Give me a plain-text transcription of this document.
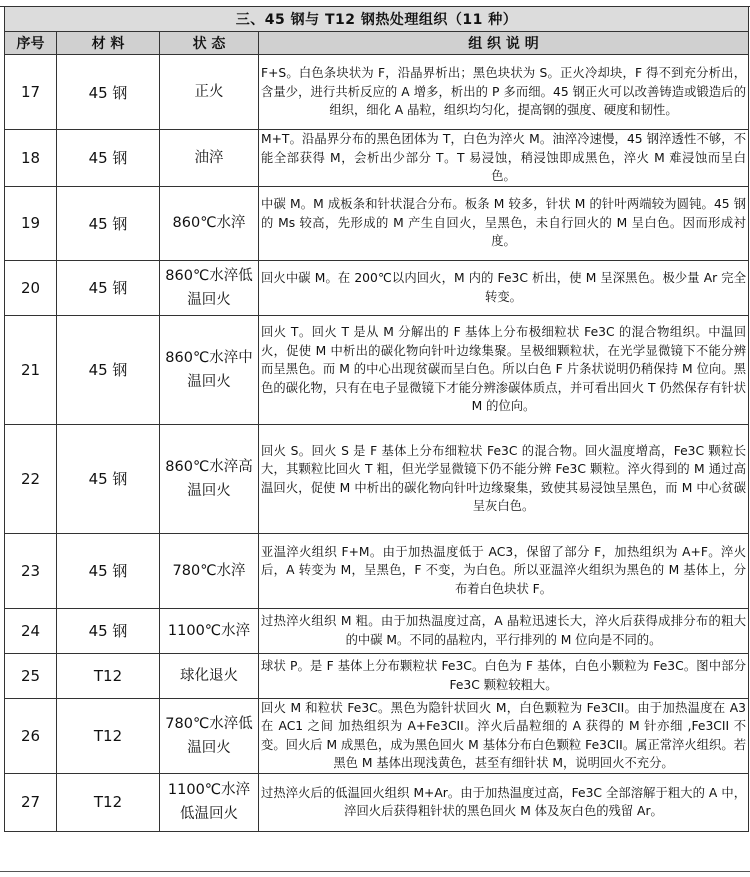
三、45 钢与 T12 钢热处理组织（11 种）			
序号	材 料	状 态	组 织 说 明
17	45 钢	正火	F+S。白色条块状为 F，沿晶界析出；黑色块状为 S。正火冷却块，F 得不到充分析出，含量少，进行共析反应的 A 增多，析出的 P 多而细。45 钢正火可以改善铸造或锻造后的组织，细化 A 晶粒，组织均匀化，提高钢的强度、硬度和韧性。
18	45 钢	油淬	M+T。沿晶界分布的黑色团体为 T，白色为淬火 M。油淬冷速慢，45 钢淬透性不够，不能全部获得 M，会析出少部分 T。T 易浸蚀，稍浸蚀即成黑色，淬火 M 难浸蚀而呈白色。
19	45 钢	860℃水淬	中碳 M。M 成板条和针状混合分布。板条 M 较多，针状 M 的针叶两端较为圆钝。45 钢的 Ms 较高，先形成的 M 产生自回火，呈黑色，未自行回火的 M 呈白色。因而形成衬度。
20	45 钢	860℃水淬低温回火	回火中碳 M。在 200℃以内回火，M 内的 Fe3C 析出，使 M 呈深黑色。极少量 Ar 完全转变。
21	45 钢	860℃水淬中温回火	回火 T。回火 T 是从 M 分解出的 F 基体上分布极细粒状 Fe3C 的混合物组织。中温回火，促使 M 中析出的碳化物向针叶边缘集聚。呈极细颗粒状，在光学显微镜下不能分辨而呈黑色。而 M 的中心出现贫碳而呈白色。所以白色 F 片条状说明仍稍保持 M 位向。黑色的碳化物，只有在电子显微镜下才能分辨渗碳体质点，并可看出回火 T 仍然保存有针状 M 的位向。
22	45 钢	860℃水淬高温回火	回火 S。回火 S 是 F 基体上分布细粒状 Fe3C 的混合物。回火温度增高，Fe3C 颗粒长大，其颗粒比回火 T 粗，但光学显微镜下仍不能分辨 Fe3C 颗粒。淬火得到的 M 通过高温回火，促使 M 中析出的碳化物向针叶边缘聚集，致使其易浸蚀呈黑色，而 M 中心贫碳呈灰白色。
23	45 钢	780℃水淬	亚温淬火组织 F+M。由于加热温度低于 AC3，保留了部分 F，加热组织为 A+F。淬火后，A 转变为 M，呈黑色，F 不变，为白色。所以亚温淬火组织为黑色的 M 基体上，分布着白色块状 F。
24	45 钢	1100℃水淬	过热淬火组织 M 粗。由于加热温度过高，A 晶粒迅速长大，淬火后获得成排分布的粗大的中碳 M。不同的晶粒内，平行排列的 M 位向是不同的。
25	T12	球化退火	球状 P。是 F 基体上分布颗粒状 Fe3C。白色为 F 基体，白色小颗粒为 Fe3C。图中部分 Fe3C 颗粒较粗大。
26	T12	780℃水淬低温回火	回火 M 和粒状 Fe3C。黑色为隐针状回火 M，白色颗粒为 Fe3CII。由于加热温度在 A3 在 AC1 之间 加热组织为 A+Fe3CII。淬火后晶粒细的 A 获得的 M 针亦细 ,Fe3CII 不变。回火后 M 成黑色，成为黑色回火 M 基体分布白色颗粒 Fe3CII。属正常淬火组织。若黑色 M 基体出现浅黄色，甚至有细针状 M，说明回火不充分。
27	T12	1100℃水淬低温回火	过热淬火后的低温回火组织 M+Ar。由于加热温度过高，Fe3C 全部溶解于粗大的 A 中，淬回火后获得粗针状的黑色回火 M 体及灰白色的残留 Ar。
